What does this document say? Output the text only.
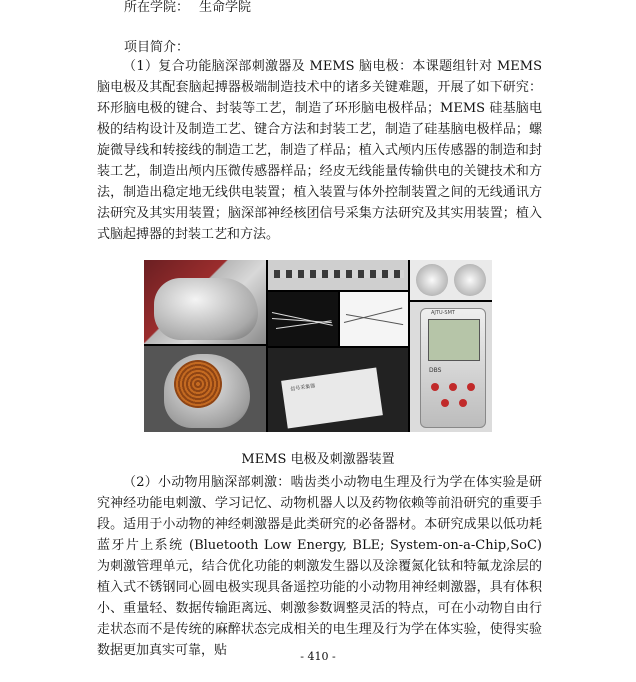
所在学院： 生命学院
项目简介：
（1）复合功能脑深部刺激器及 MEMS 脑电极：本课题组针对 MEMS 脑电极及其配套脑起搏器极端制造技术中的诸多关键难题，开展了如下研究：环形脑电极的键合、封装等工艺，制造了环形脑电极样品；MEMS 硅基脑电极的结构设计及制造工艺、键合方法和封装工艺，制造了硅基脑电极样品；螺旋微导线和转接线的制造工艺，制造了样品；植入式颅内压传感器的制造和封装工艺，制造出颅内压微传感器样品；经皮无线能量传输供电的关键技术和方法，制造出稳定地无线供电装置；植入装置与体外控制装置之间的无线通讯方法研究及其实用装置；脑深部神经核团信号采集方法研究及其实用装置；植入式脑起搏器的封装工艺和方法。
信号采集器
AJTU-SMT
DBS
MEMS 电极及刺激器装置
（2）小动物用脑深部刺激：啮齿类小动物电生理及行为学在体实验是研究神经功能电刺激、学习记忆、动物机器人以及药物依赖等前沿研究的重要手段。适用于小动物的神经刺激器是此类研究的必备器材。本研究成果以低功耗蓝牙片上系统 (Bluetooth Low Energy, BLE; System-on-a-Chip,SoC) 为刺激管理单元，结合优化功能的刺激发生器以及涂覆氮化钛和特氟龙涂层的植入式不锈钢同心圆电极实现具备遥控功能的小动物用神经刺激器，具有体积小、重量轻、数据传输距离远、刺激参数调整灵活的特点，可在小动物自由行走状态而不是传统的麻醉状态完成相关的电生理及行为学在体实验，使得实验数据更加真实可靠，贴	- 410 -
